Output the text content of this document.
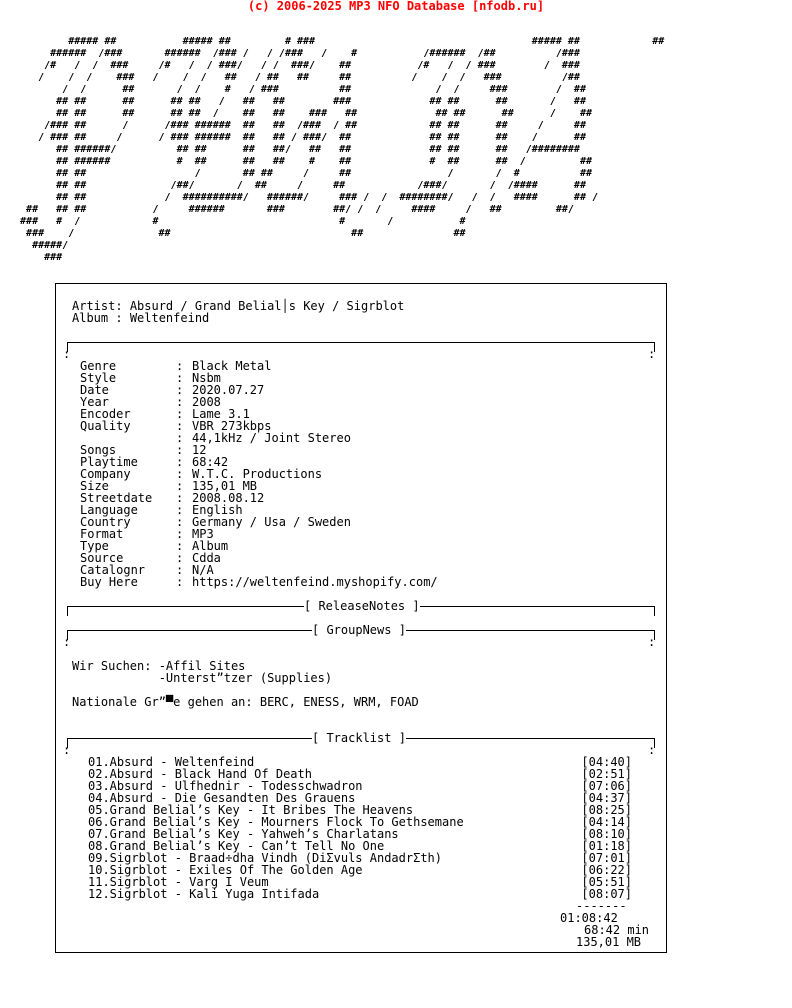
(c) 2006-2025 MP3 NFO Database [nfodb.ru]
##### ##           ##### ##         # ###                                    ##### ##            ##
######  /###       ######  /### /   / /###   /    #           /######  /##          /###
/#   /  /  ###     /#   /  / ###/   / /  ###/    ##           /#   /  / ###        /  ###
/    /  /    ###   /    /  /   ##   / ##   ##     ##          /    /  /   ###          /##
/  /      ##       /  /    #   / ###          ##              /  /     ###        /  ##
## ##      ##      ## ##   /   ##   ##        ###             ## ##      ##       /   ##
## ##      ##      ## ##  /    ##   ##    ###   ##             ## ##      ##      /    ##
/### ##      /      /### ######  ##   ##  /###  / ##            ## ##      ##     /     ##
/ ### ##     /      / ### ######  ##   ## / ###/  ##             ## ##      ##    /      ##
## ######/          ## ##      ##   ##/   ##   ##             ## ##      ##   /########
## ######           #  ##      ##   ##    #    ##             #  ##      ##  /         ##
## ##                  /       ## ##     /     ##                /       /  #          ##
## ##              /##/       /  ##     /     ##            /###/       /  /####      ##
## ##             /  ##########/   ######/     ### /  /  ########/   /  /   ####      ## /
##   ## ##           /     ######       ###        ##/ /  /     ####     /   ##         ##/
###   #  /            #                              #       /           #
###    /              ##                              ##               ##
#####/
###
Artist: Absurd / Grand Belial│s Key / Sigrblot
Album : Weltenfeind
:	:
Genre	: Black Metal
Style	: Nsbm
Date	: 2020.07.27
Year	: 2008
Encoder	: Lame 3.1
Quality	: VBR 273kbps
: 44,1kHz / Joint Stereo
Songs	: 12
Playtime	: 68:42
Company	: W.T.C. Productions
Size	: 135,01 MB
Streetdate : 2008.08.12
Language	: English
Country	: Germany / Usa / Sweden
Format	: MP3
Type	: Album
Source	: Cdda
Catalognr	: N/A
Buy Here	: https://weltenfeind.myshopify.com/
[ ReleaseNotes ]
[ GroupNews ]
:	:
Wir Suchen: -Affil Sites
-Unterst”tzer (Supplies)
Nationale Gr”▀e gehen an: BERC, ENESS, WRM, FOAD
[ Tracklist ]
:	:
01.Absurd - Weltenfeind	[04:40]
02.Absurd - Black Hand Of Death	[02:51]
03.Absurd - Ulfhednir - Todesschwadron	[07:06]
04.Absurd - Die Gesandten Des Grauens	[04:37]
05.Grand Belial’s Key - It Bribes The Heavens	[08:25]
06.Grand Belial’s Key - Mourners Flock To Gethsemane	[04:14]
07.Grand Belial’s Key - Yahweh’s Charlatans	[08:10]
08.Grand Belial’s Key - Can’t Tell No One	[01:18]
09.Sigrblot - Braad÷dha Vindh (DiΣvuls AndadrΣth)	[07:01]
10.Sigrblot - Exiles Of The Golden Age	[06:22]
11.Sigrblot - Varg I Veum	[05:51]
12.Sigrblot - Kali Yuga Intifada	[08:07]
-------
01:08:42
68:42 min
135,01 MB
